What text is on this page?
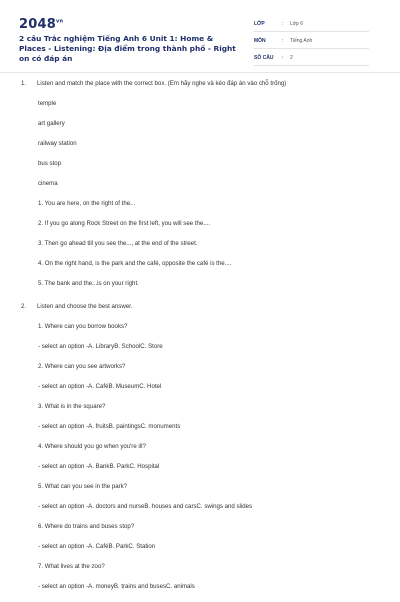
$2048^{vn}$
2 câu Trắc nghiệm Tiếng Anh 6 Unit 1: Home & Places - Listening: Địa điểm trong thành phố - Right on có đáp án
LỚP	:	Lớp 6
MÔN	:	Tiếng Anh
SỐ CÂU	:	2
1.	Listen and match the place with the correct box. (Em hãy nghe và kéo đáp án vào chỗ trống)
temple
art gallery
railway station
bus stop
cinema
1. You are here, on the right of the...
2. If you go along Rock Street on the first left, you will see the....
3. Then go ahead till you see the..., at the end of the street.
4. On the right hand, is the park and the café, opposite the café is the....
5. The bank and the...is on your right.
2.	Listen and choose the best answer.
1. Where can you borrow books?
- select an option -A. LibraryB. SchoolC. Store
2. Where can you see artworks?
- select an option -A. CaféB. MuseumC. Hotel
3. What is in the square?
- select an option -A. fruitsB. paintingsC. monuments
4. Where should you go when you're ill?
- select an option -A. BankB. ParkC. Hospital
5. What can you see in the park?
- select an option -A. doctors and nurseB. houses and carsC. swings and slides
6. Where do trains and buses stop?
- select an option -A. CaféB. ParkC. Station
7. What lives at the zoo?
- select an option -A. moneyB. trains and busesC. animals
